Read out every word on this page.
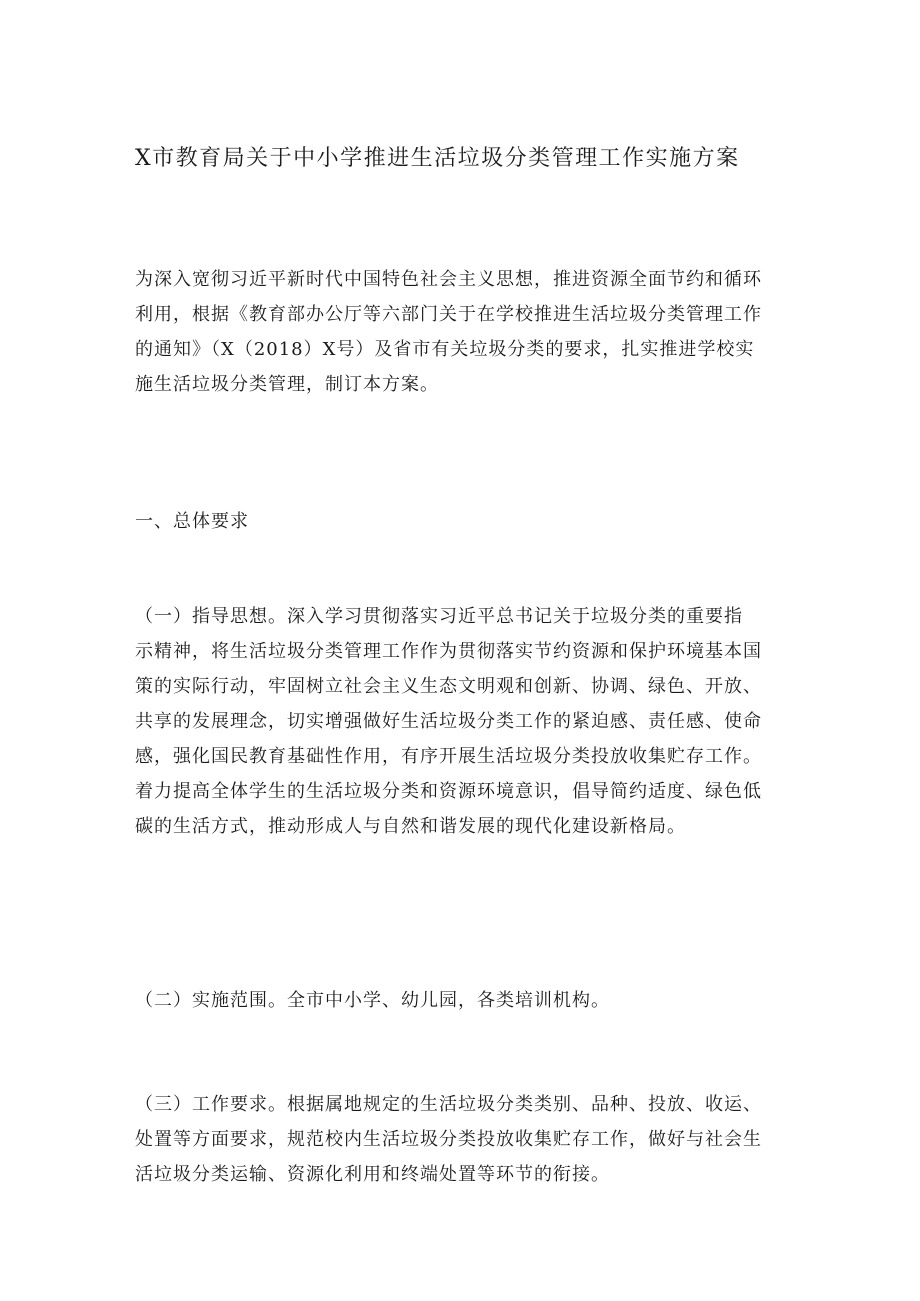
X市教育局关于中小学推进生活垃圾分类管理工作实施方案
为深入宽彻习近平新时代中国特色社会主义思想，推进资源全面节约和循环
利用，根据《教育部办公厅等六部门关于在学校推进生活垃圾分类管理工作
的通知》（X（2018）X号）及省市有关垃圾分类的要求，扎实推进学校实
施生活垃圾分类管理，制订本方案。
一、总体要求
（一）指导思想。深入学习贯彻落实习近平总书记关于垃圾分类的重要指
示精神，将生活垃圾分类管理工作作为贯彻落实节约资源和保护环境基本国
策的实际行动，牢固树立社会主义生态文明观和创新、协调、绿色、开放、
共享的发展理念，切实增强做好生活垃圾分类工作的紧迫感、责任感、使命
感，强化国民教育基础性作用，有序开展生活垃圾分类投放收集贮存工作。
着力提高全体学生的生活垃圾分类和资源环境意识，倡导简约适度、绿色低
碳的生活方式，推动形成人与自然和谐发展的现代化建设新格局。
（二）实施范围。全市中小学、幼儿园，各类培训机构。
（三）工作要求。根据属地规定的生活垃圾分类类别、品种、投放、收运、
处置等方面要求，规范校内生活垃圾分类投放收集贮存工作，做好与社会生
活垃圾分类运输、资源化利用和终端处置等环节的衔接。
